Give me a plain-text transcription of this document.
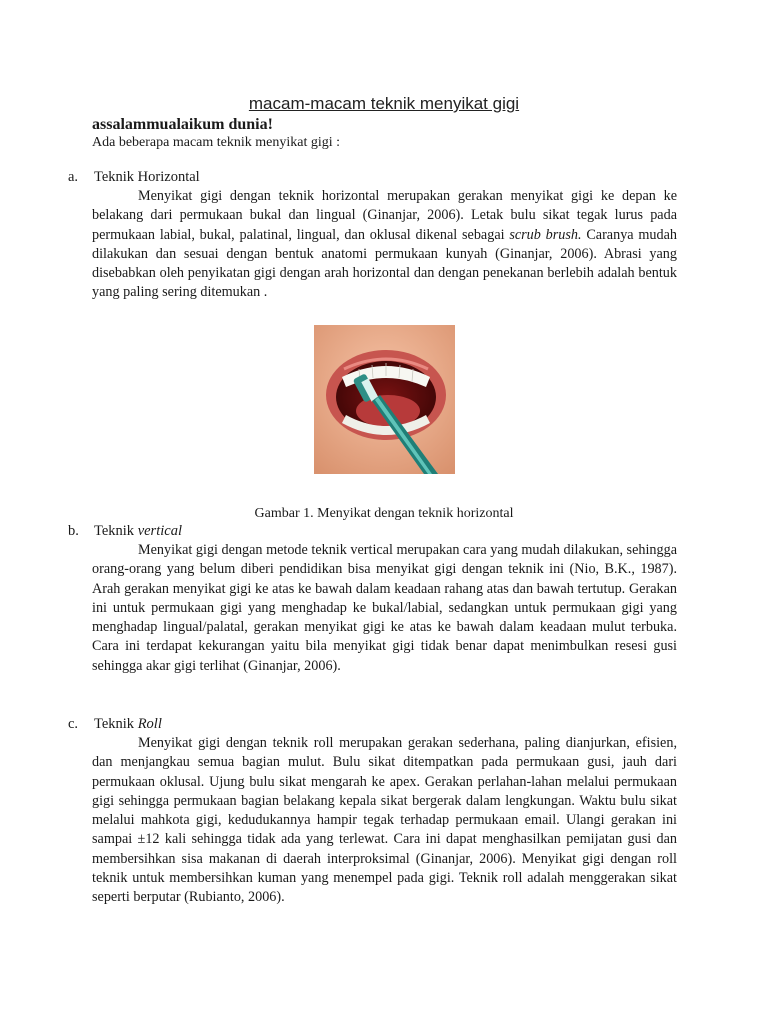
macam-macam teknik menyikat gigi
assalammualaikum dunia!
Ada beberapa macam teknik menyikat gigi :
a. Teknik Horizontal
Menyikat gigi dengan teknik horizontal merupakan gerakan menyikat gigi ke depan ke belakang dari permukaan bukal dan lingual (Ginanjar, 2006). Letak bulu sikat tegak lurus pada permukaan labial, bukal, palatinal, lingual, dan oklusal dikenal sebagai scrub brush. Caranya mudah dilakukan dan sesuai dengan bentuk anatomi permukaan kunyah (Ginanjar, 2006). Abrasi yang disebabkan oleh penyikatan gigi dengan arah horizontal dan dengan penekanan berlebih adalah bentuk yang paling sering ditemukan .
Gambar 1. Menyikat dengan teknik horizontal
b. Teknik vertical
Menyikat gigi dengan metode teknik vertical merupakan cara yang mudah dilakukan, sehingga orang-orang yang belum diberi pendidikan bisa menyikat gigi dengan teknik ini (Nio, B.K., 1987). Arah gerakan menyikat gigi ke atas ke bawah dalam keadaan rahang atas dan bawah tertutup. Gerakan ini untuk permukaan gigi yang menghadap ke bukal/labial, sedangkan untuk permukaan gigi yang menghadap lingual/palatal, gerakan menyikat gigi ke atas ke bawah dalam keadaan mulut terbuka. Cara ini terdapat kekurangan yaitu bila menyikat gigi tidak benar dapat menimbulkan resesi gusi sehingga akar gigi terlihat (Ginanjar, 2006).
c. Teknik Roll
Menyikat gigi dengan teknik roll merupakan gerakan sederhana, paling dianjurkan, efisien, dan menjangkau semua bagian mulut. Bulu sikat ditempatkan pada permukaan gusi, jauh dari permukaan oklusal. Ujung bulu sikat mengarah ke apex. Gerakan perlahan-lahan melalui permukaan gigi sehingga permukaan bagian belakang kepala sikat bergerak dalam lengkungan. Waktu bulu sikat melalui mahkota gigi, kedudukannya hampir tegak terhadap permukaan email. Ulangi gerakan ini sampai ±12 kali sehingga tidak ada yang terlewat. Cara ini dapat menghasilkan pemijatan gusi dan membersihkan sisa makanan di daerah interproksimal (Ginanjar, 2006). Menyikat gigi dengan roll teknik untuk membersihkan kuman yang menempel pada gigi. Teknik roll adalah menggerakan sikat seperti berputar (Rubianto, 2006).
